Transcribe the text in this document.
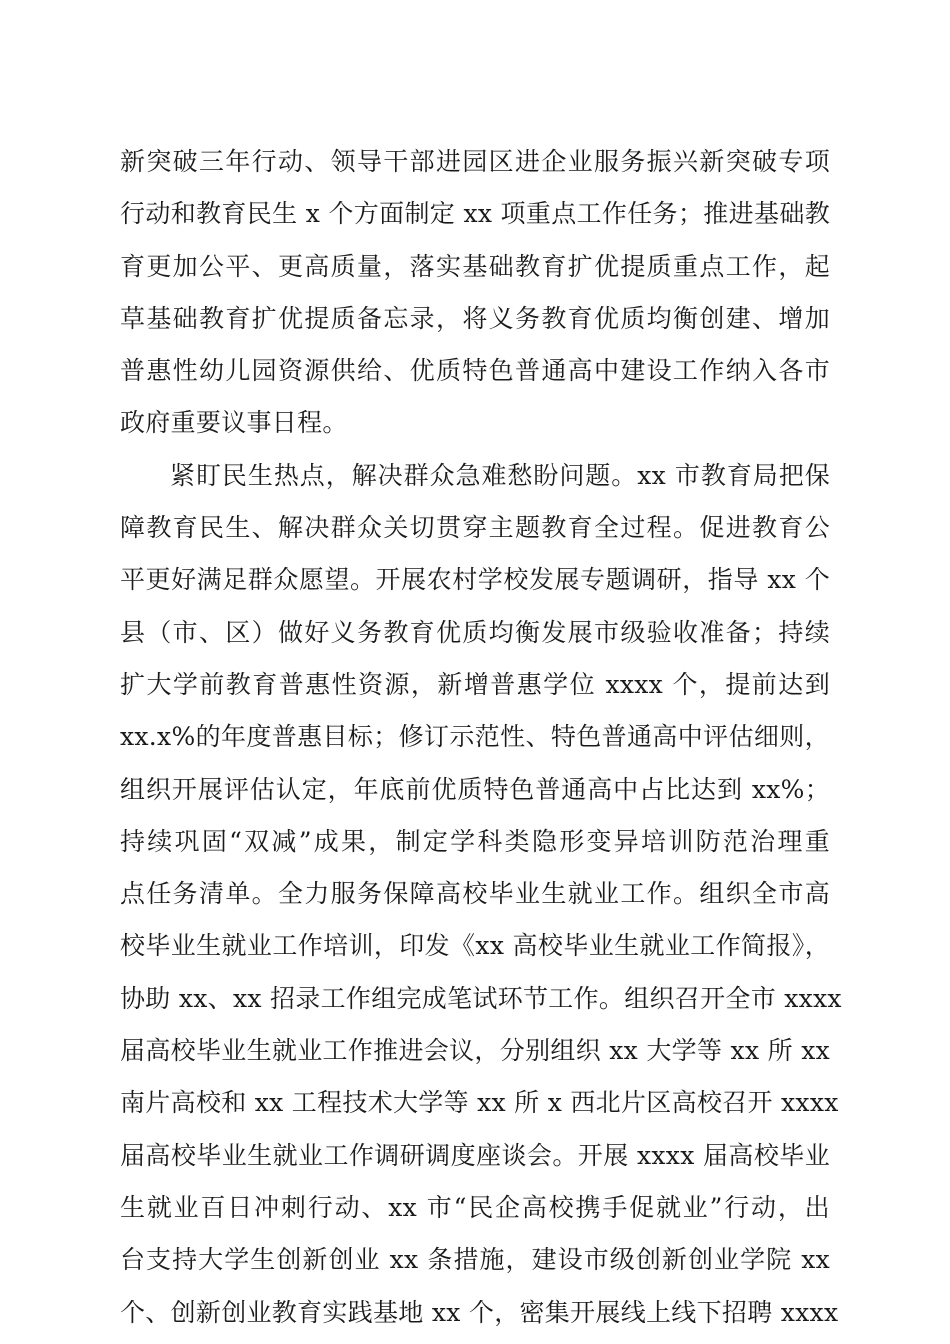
新突破三年行动、领导干部进园区进企业服务振兴新突破专项
行动和教育民生 x 个方面制定 xx 项重点工作任务；推进基础教
育更加公平、更高质量，落实基础教育扩优提质重点工作，起
草基础教育扩优提质备忘录，将义务教育优质均衡创建、增加
普惠性幼儿园资源供给、优质特色普通高中建设工作纳入各市
政府重要议事日程。
紧盯民生热点，解决群众急难愁盼问题。xx 市教育局把保
障教育民生、解决群众关切贯穿主题教育全过程。促进教育公
平更好满足群众愿望。开展农村学校发展专题调研，指导 xx 个
县（市、区）做好义务教育优质均衡发展市级验收准备；持续
扩大学前教育普惠性资源，新增普惠学位 xxxx 个，提前达到
xx.x%的年度普惠目标；修订示范性、特色普通高中评估细则，
组织开展评估认定，年底前优质特色普通高中占比达到 xx%；
持续巩固“双减”成果，制定学科类隐形变异培训防范治理重
点任务清单。全力服务保障高校毕业生就业工作。组织全市高
校毕业生就业工作培训，印发《xx 高校毕业生就业工作简报》，
协助 xx、xx 招录工作组完成笔试环节工作。组织召开全市 xxxx
届高校毕业生就业工作推进会议，分别组织 xx 大学等 xx 所 xx
南片高校和 xx 工程技术大学等 xx 所 x 西北片区高校召开 xxxx
届高校毕业生就业工作调研调度座谈会。开展 xxxx 届高校毕业
生就业百日冲刺行动、xx 市“民企高校携手促就业”行动，出
台支持大学生创新创业 xx 条措施，建设市级创新创业学院 xx
个、创新创业教育实践基地 xx 个，密集开展线上线下招聘 xxxx
